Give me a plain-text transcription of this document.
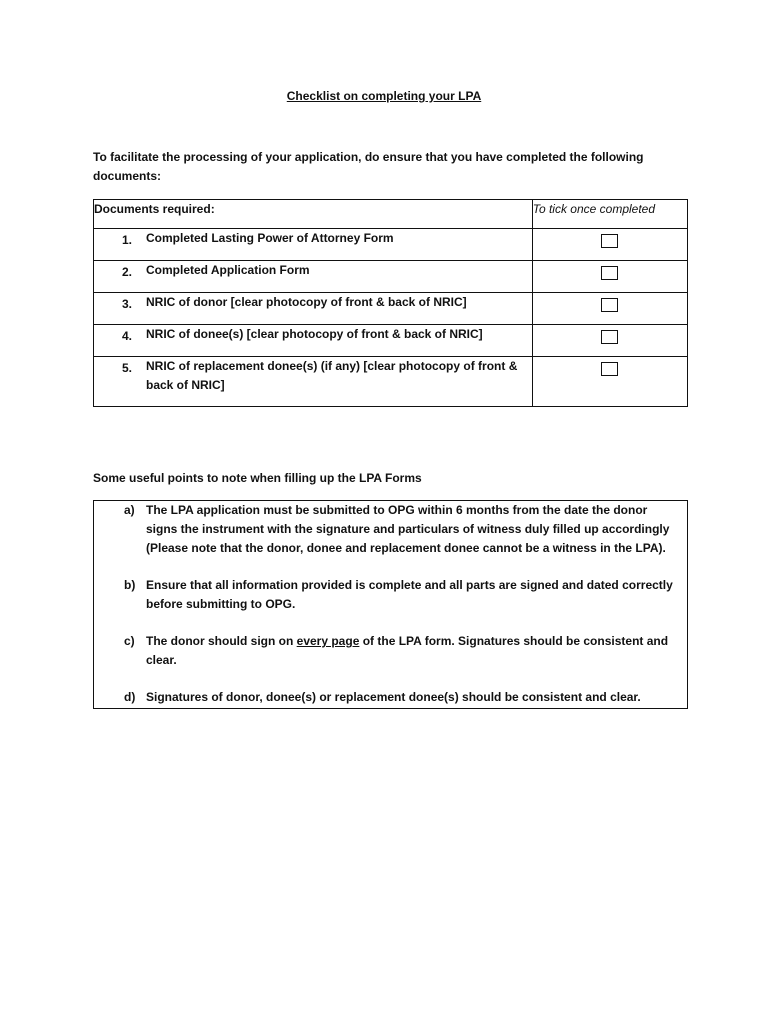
Checklist on completing your LPA
To facilitate the processing of your application, do ensure that you have completed the following documents:
Documents required:	To tick once completed

1. Completed Lasting Power of Attorney Form	

2. Completed Application Form	

3. NRIC of donor [clear photocopy of front & back of NRIC]	

4. NRIC of donee(s) [clear photocopy of front & back of NRIC]	

5. NRIC of replacement donee(s) (if any) [clear photocopy of front & back of NRIC]	

Some useful points to note when filling up the LPA Forms
a) The LPA application must be submitted to OPG within 6 months from the date the donor signs the instrument with the signature and particulars of witness duly filled up accordingly (Please note that the donor, donee and replacement donee cannot be a witness in the LPA).
b) Ensure that all information provided is complete and all parts are signed and dated correctly before submitting to OPG.
c) The donor should sign on every page of the LPA form. Signatures should be consistent and clear.
d) Signatures of donor, donee(s) or replacement donee(s) should be consistent and clear.
